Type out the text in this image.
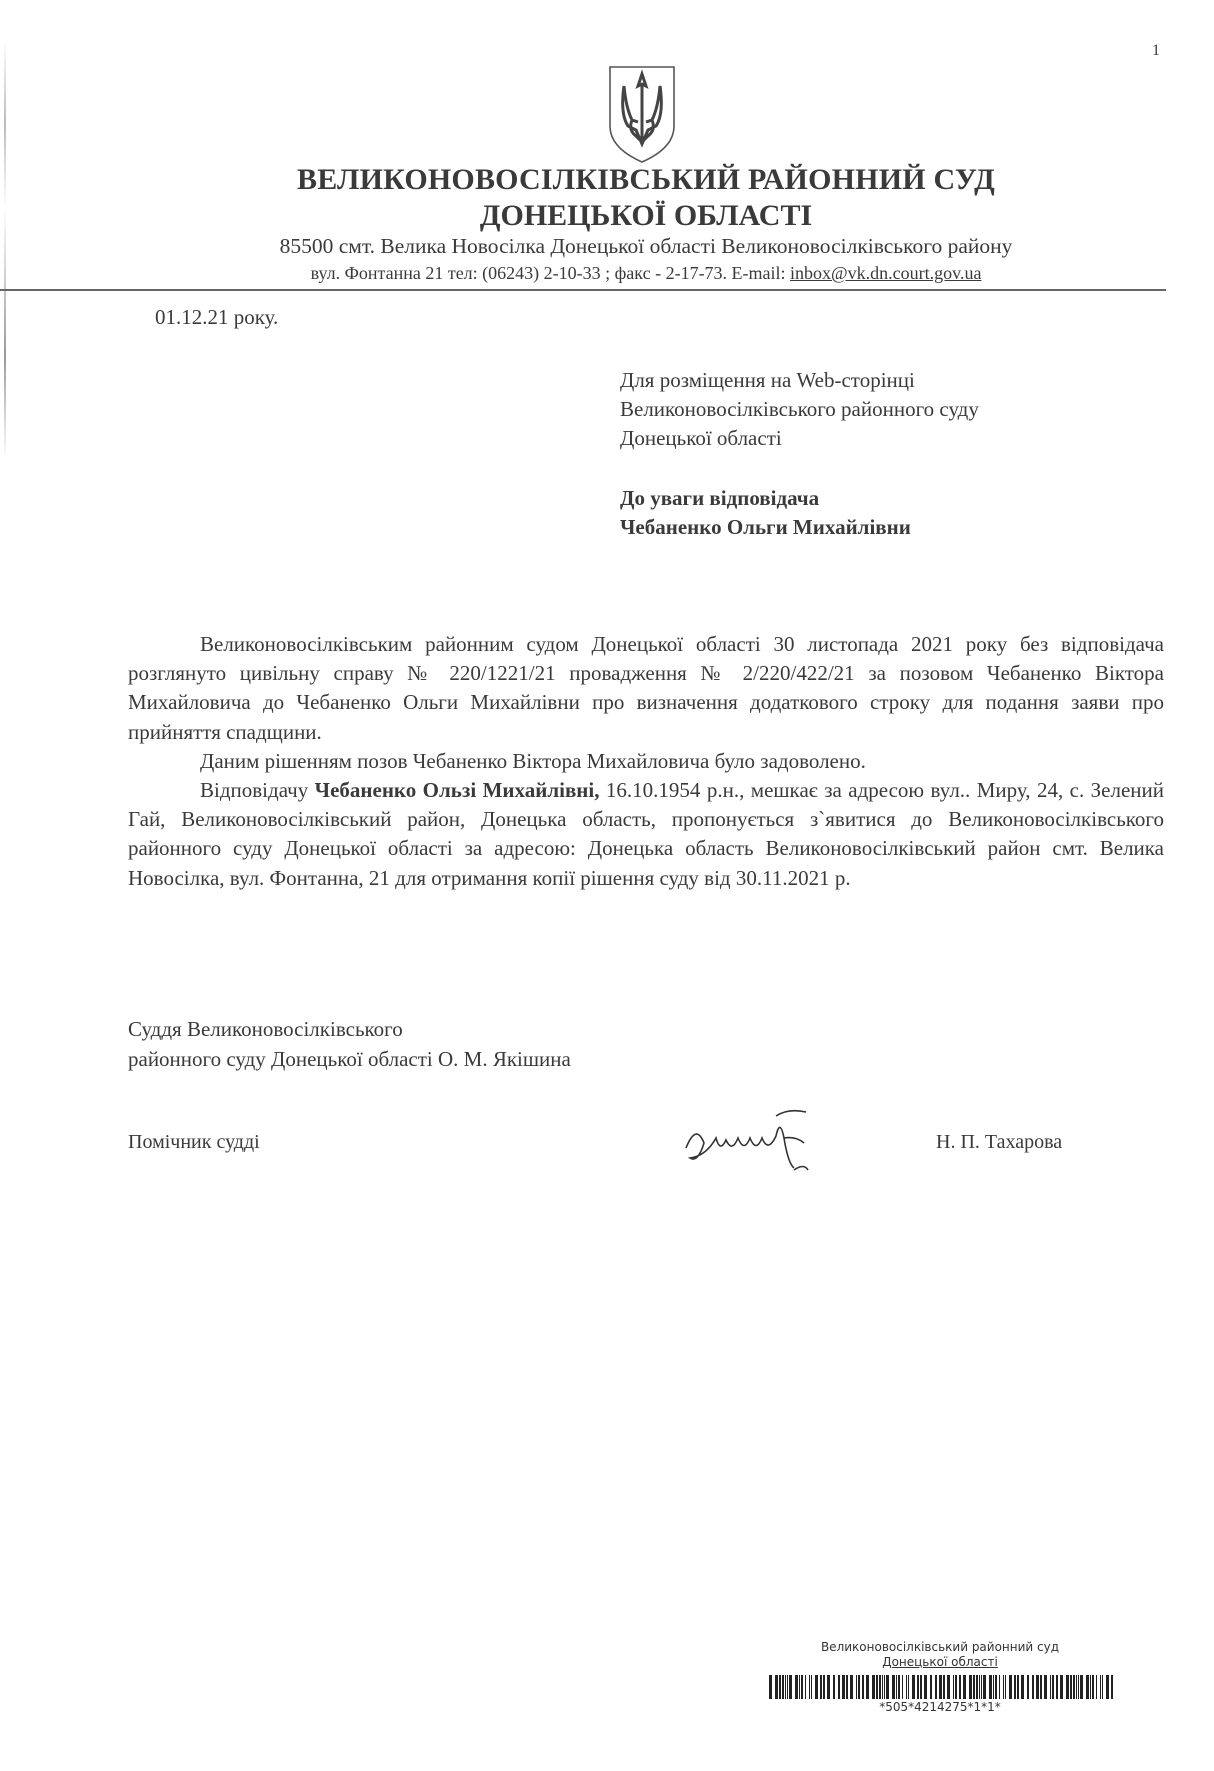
1
ВЕЛИКОНОВОСІЛКІВСЬКИЙ РАЙОННИЙ СУД
ДОНЕЦЬКОЇ ОБЛАСТІ
85500 смт. Велика Новосілка Донецької області Великоновосілківського району
вул. Фонтанна 21 тел: (06243) 2-10-33 ; факс - 2-17-73. E-mail: inbox@vk.dn.court.gov.ua
01.12.21 року.
Для розміщення на Web-сторінці
Великоновосілківського районного суду
Донецької області
До уваги відповідача
Чебаненко Ольги Михайлівни

Великоновосілківським районним судом Донецької області 30 листопада 2021 року без відповідача розглянуто цивільну справу № 220/1221/21 провадження № 2/220/422/21 за позовом Чебаненко Віктора Михайловича до Чебаненко Ольги Михайлівни про визначення додаткового строку для подання заяви про прийняття спадщини.

Даним рішенням позов Чебаненко Віктора Михайловича було задоволено.

Відповідачу Чебаненко Ользі Михайлівні, 16.10.1954 р.н., мешкає за адресою вул.. Миру, 24, с. Зелений Гай, Великоновосілківський район, Донецька область, пропонується з`явитися до Великоновосілківського районного суду Донецької області за адресою: Донецька область Великоновосілківський район смт. Велика Новосілка, вул. Фонтанна, 21 для отримання копії рішення суду від 30.11.2021 р.

Суддя Великоновосілківського
районного суду Донецької області О. М. Якішина
Помічник судді	Н. П. Тахарова
Великоновосілківський районний суд
Донецької області
*505*4214275*1*1*
